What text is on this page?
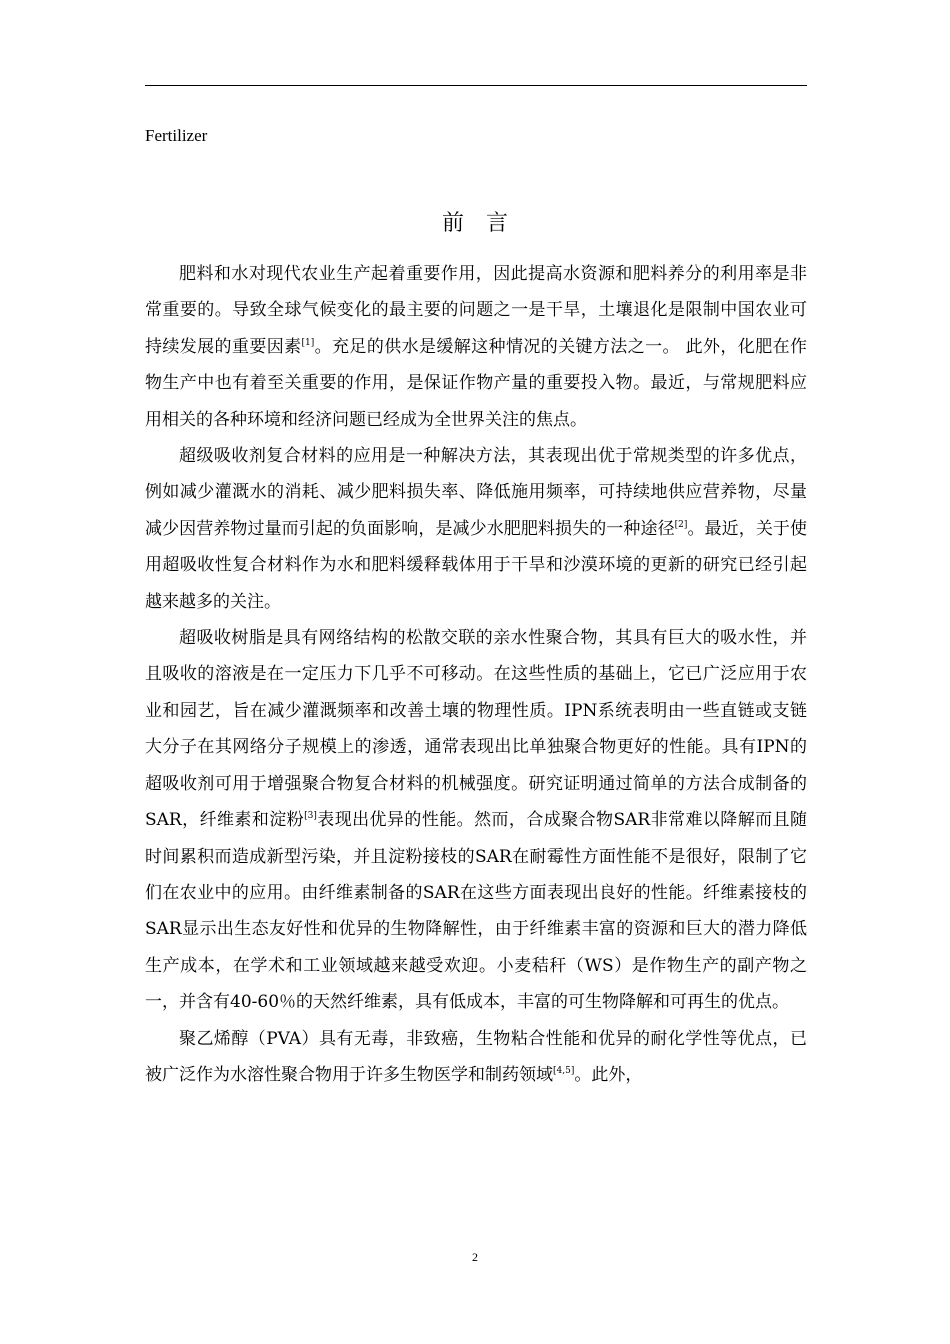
Fertilizer
前言

肥料和水对现代农业生产起着重要作用，因此提高水资源和肥料养分的利用率是非常重要的。导致全球气候变化的最主要的问题之一是干旱，土壤退化是限制中国农业可持续发展的重要因素[1]。充足的供水是缓解这种情况的关键方法之一。 此外，化肥在作物生产中也有着至关重要的作用，是保证作物产量的重要投入物。最近，与常规肥料应用相关的各种环境和经济问题已经成为全世界关注的焦点。

超级吸收剂复合材料的应用是一种解决方法，其表现出优于常规类型的许多优点，例如减少灌溉水的消耗、减少肥料损失率、降低施用频率，可持续地供应营养物，尽量减少因营养物过量而引起的负面影响，是减少水肥肥料损失的一种途径[2]。最近，关于使用超吸收性复合材料作为水和肥料缓释载体用于干旱和沙漠环境的更新的研究已经引起越来越多的关注。

超吸收树脂是具有网络结构的松散交联的亲水性聚合物，其具有巨大的吸水性，并且吸收的溶液是在一定压力下几乎不可移动。在这些性质的基础上，它已广泛应用于农业和园艺，旨在减少灌溉频率和改善土壤的物理性质。IPN系统表明由一些直链或支链大分子在其网络分子规模上的渗透，通常表现出比单独聚合物更好的性能。具有IPN的超吸收剂可用于增强聚合物复合材料的机械强度。研究证明通过简单的方法合成制备的SAR，纤维素和淀粉[3]表现出优异的性能。然而，合成聚合物SAR非常难以降解而且随时间累积而造成新型污染，并且淀粉接枝的SAR在耐霉性方面性能不是很好，限制了它们在农业中的应用。由纤维素制备的SAR在这些方面表现出良好的性能。纤维素接枝的SAR显示出生态友好性和优异的生物降解性，由于纤维素丰富的资源和巨大的潜力降低生产成本，在学术和工业领域越来越受欢迎。小麦秸秆（WS）是作物生产的副产物之一，并含有40-60％的天然纤维素，具有低成本，丰富的可生物降解和可再生的优点。

聚乙烯醇（PVA）具有无毒，非致癌，生物粘合性能和优异的耐化学性等优点，已被广泛作为水溶性聚合物用于许多生物医学和制药领域[4,5]。此外，

2
